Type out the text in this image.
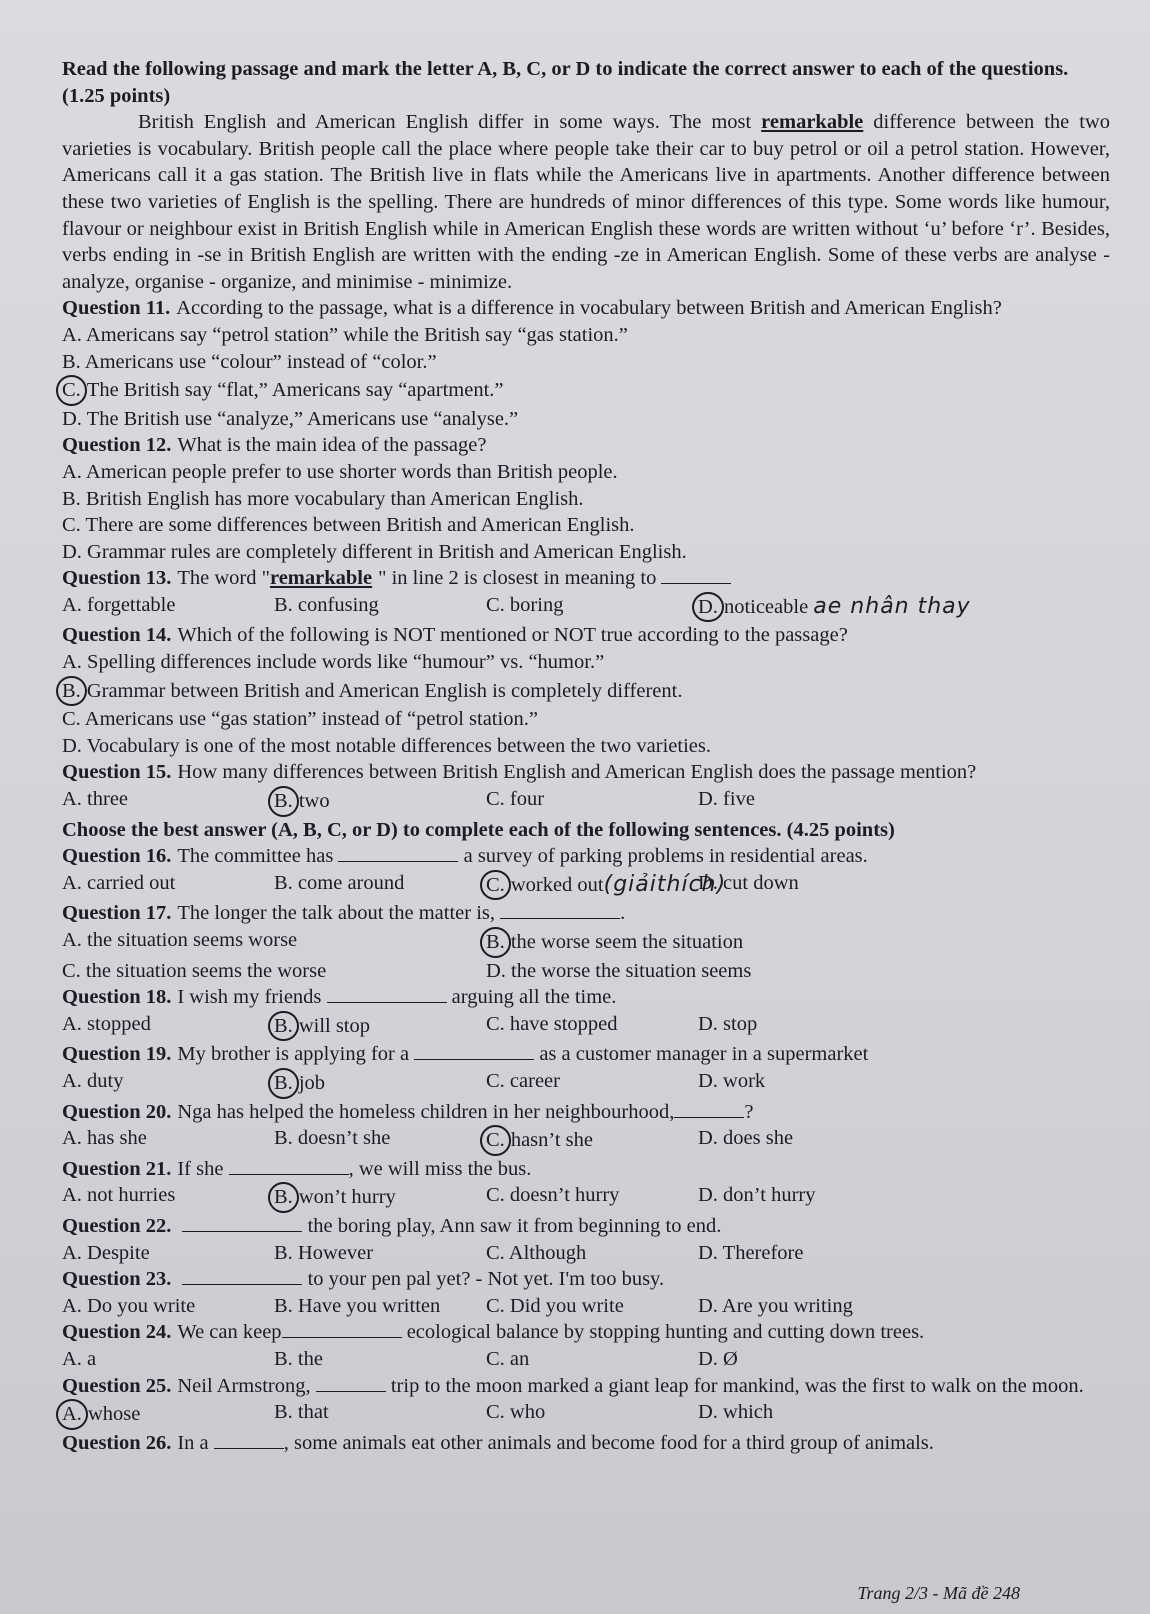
Read the following passage and mark the letter A, B, C, or D to indicate the correct answer to each of the questions. (1.25 points)

British English and American English differ in some ways. The most remarkable difference between the two varieties is vocabulary. British people call the place where people take their car to buy petrol or oil a petrol station. However, Americans call it a gas station. The British live in flats while the Americans live in apartments. Another difference between these two varieties of English is the spelling. There are hundreds of minor differences of this type. Some words like humour, flavour or neighbour exist in British English while in American English these words are written without ‘u’ before ‘r’. Besides, verbs ending in -se in British English are written with the ending -ze in American English. Some of these verbs are analyse - analyze, organise - organize, and minimise - minimize.

Question 11. According to the passage, what is a difference in vocabulary between British and American English?

A. Americans say “petrol station” while the British say “gas station.”

B. Americans use “colour” instead of “color.”

C. The British say “flat,” Americans say “apartment.”

D. The British use “analyze,” Americans use “analyse.”

Question 12. What is the main idea of the passage?

A. American people prefer to use shorter words than British people.

B. British English has more vocabulary than American English.

C. There are some differences between British and American English.

D. Grammar rules are completely different in British and American English.

Question 13. The word "remarkable " in line 2 is closest in meaning to

A. forgettable	B. confusing	C. boring	D. noticeable ae nhân thay

Question 14. Which of the following is NOT mentioned or NOT true according to the passage?

A. Spelling differences include words like “humour” vs. “humor.”

B. Grammar between British and American English is completely different.

C. Americans use “gas station” instead of “petrol station.”

D. Vocabulary is one of the most notable differences between the two varieties.

Question 15. How many differences between British English and American English does the passage mention?

A. three	B. two	C. four	D. five

Choose the best answer (A, B, C, or D) to complete each of the following sentences. (4.25 points)

Question 16. The committee has	a survey of parking problems in residential areas.

A. carried out	B. come around	C. worked out(giảithích)
D. cut down

Question 17. The longer the talk about the matter is,	.

A. the situation seems worse	B. the worse seem the situation
C. the situation seems the worse	D. the worse the situation seems

Question 18. I wish my friends	arguing all the time.

A. stopped	B. will stop	C. have stopped	D. stop

Question 19. My brother is applying for a	as a customer manager in a supermarket

A. duty	B. job	C. career	D. work

Question 20. Nga has helped the homeless children in her neighbourhood,	?

A. has she	B. doesn’t she	C. hasn’t she	D. does she

Question 21. If she	, we will miss the bus.

A. not hurries	B. won’t hurry	C. doesn’t hurry	D. don’t hurry

Question 22.	the boring play, Ann saw it from beginning to end.

A. Despite	B. However	C. Although	D. Therefore

Question 23.	to your pen pal yet? - Not yet. I'm too busy.

A. Do you write	B. Have you written	C. Did you write	D. Are you writing

Question 24. We can keep	ecological balance by stopping hunting and cutting down trees.

A. a	B. the	C. an	D. Ø

Question 25. Neil Armstrong,	trip to the moon marked a giant leap for mankind, was the first to walk on the moon.

A. whose	B. that	C. who	D. which

Question 26. In a	, some animals eat other animals and become food for a third group of animals.

Trang 2/3 - Mã đề 248
